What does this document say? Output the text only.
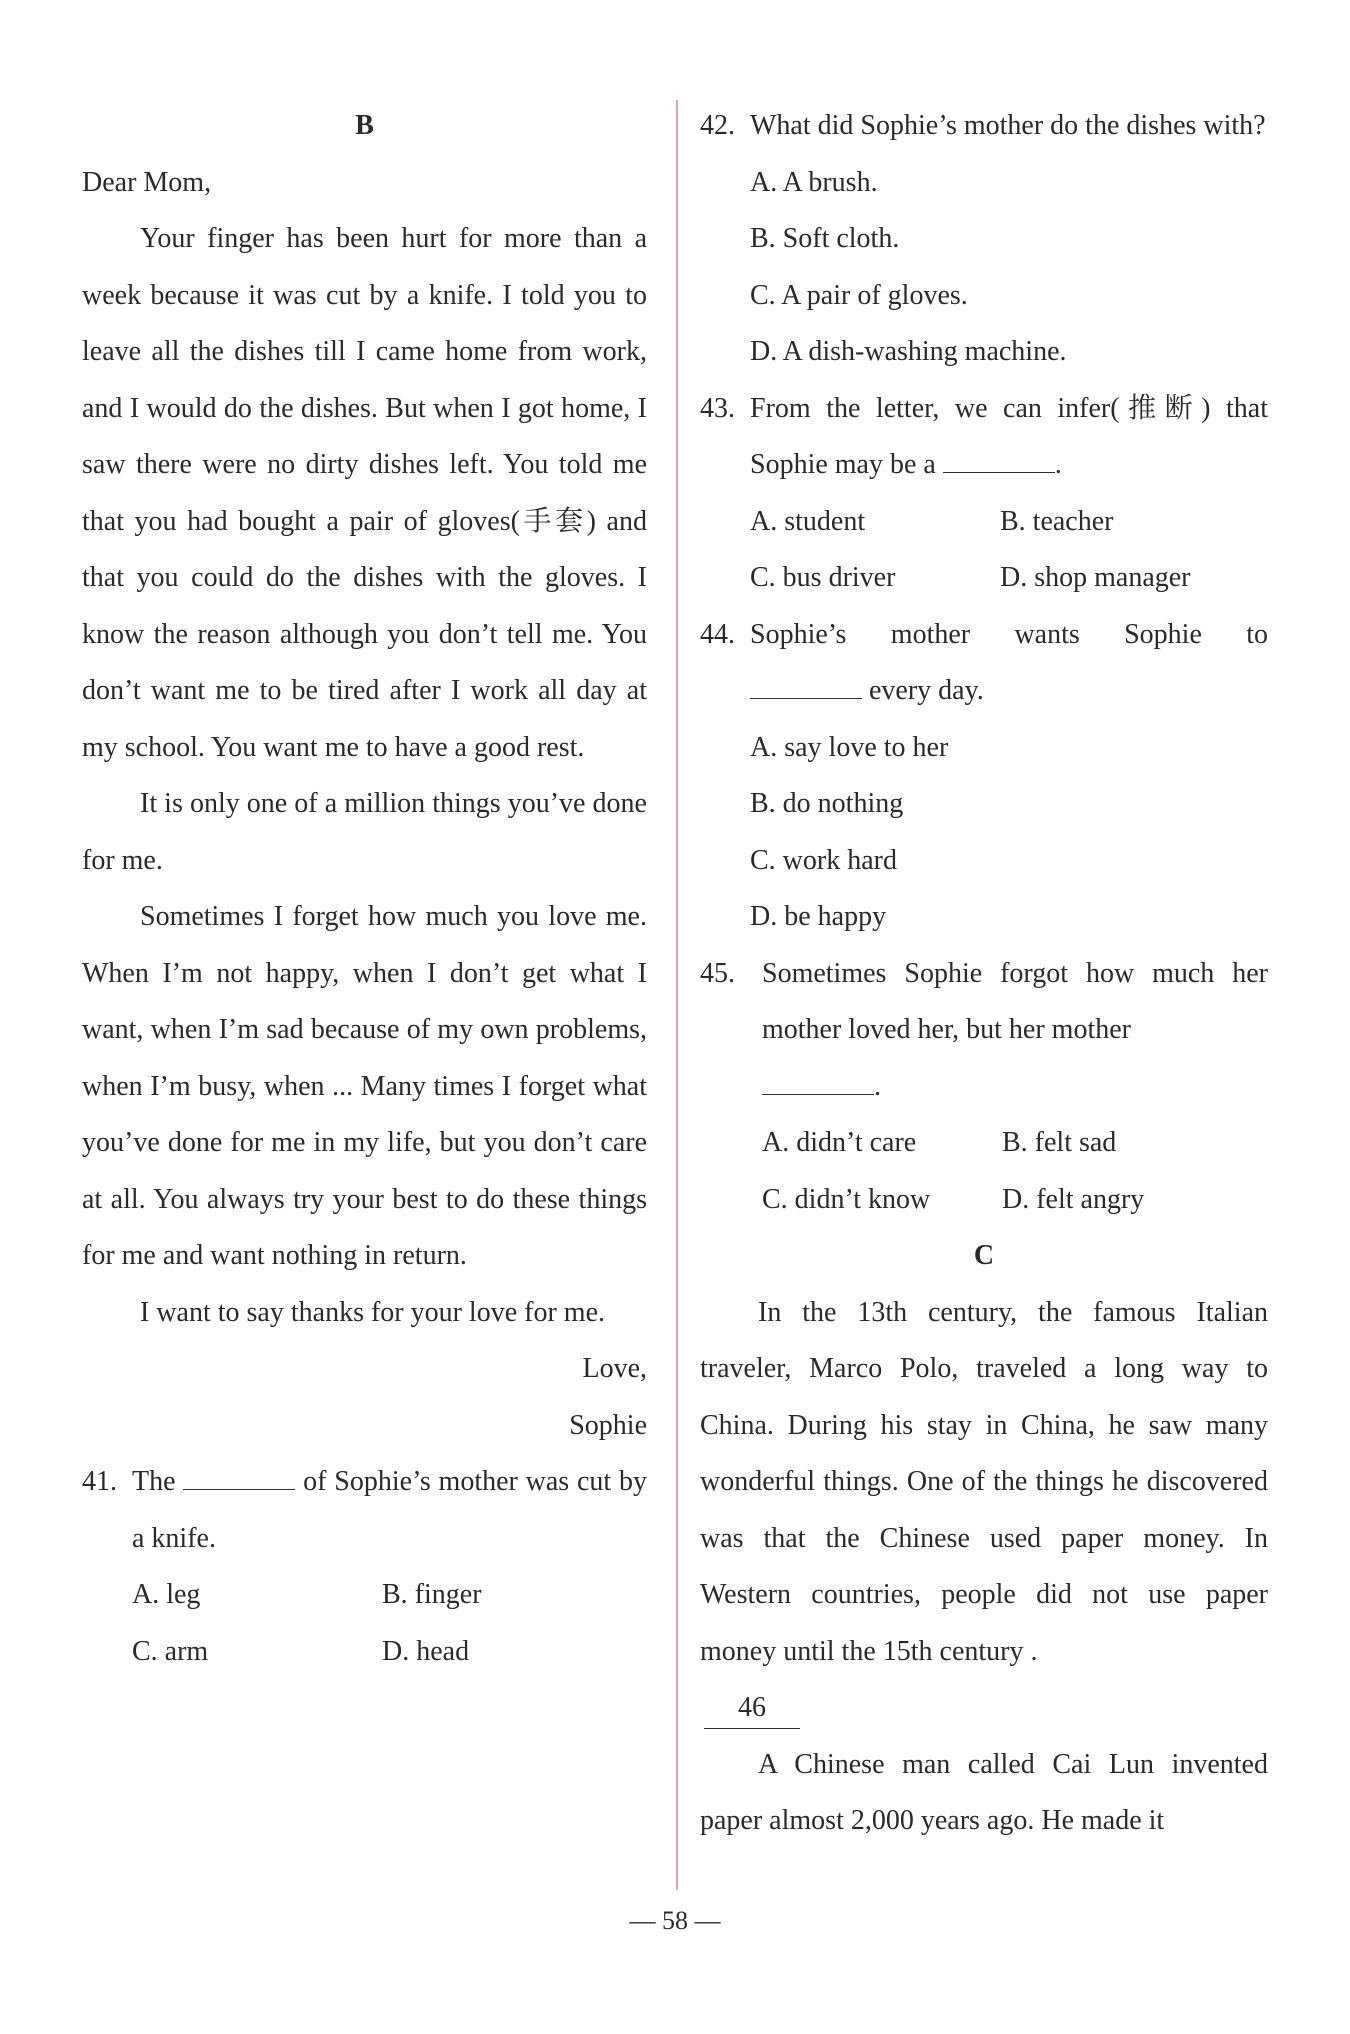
B
Dear Mom,
Your finger has been hurt for more than a week because it was cut by a knife. I told you to leave all the dishes till I came home from work, and I would do the dishes. But when I got home, I saw there were no dirty dishes left. You told me that you had bought a pair of gloves(手套) and that you could do the dishes with the gloves. I know the reason although you don’t tell me. You don’t want me to be tired after I work all day at my school. You want me to have a good rest.
It is only one of a million things you’ve done for me.
Sometimes I forget how much you love me. When I’m not happy, when I don’t get what I want, when I’m sad because of my own problems, when I’m busy, when ... Many times I forget what you’ve done for me in my life, but you don’t care at all. You always try your best to do these things for me and want nothing in return.
I want to say thanks for your love for me.
Love,
Sophie
41. The	of Sophie’s mother was cut by a knife.
A. leg	B. finger
C. arm	D. head
42. What did Sophie’s mother do the dishes with?
A. A brush.
B. Soft cloth.
C. A pair of gloves.
D. A dish-washing machine.
43. From the letter, we can infer(推断) that Sophie may be a	.
A. student	B. teacher
C. bus driver	D. shop manager
44. Sophie’s mother wants Sophie to
every day.
A. say love to her
B. do nothing
C. work hard
D. be happy
45. Sometimes Sophie forgot how much her mother loved her, but her mother
.
A. didn’t care	B. felt sad
C. didn’t know	D. felt angry
C
In the 13th century, the famous Italian traveler, Marco Polo, traveled a long way to China. During his stay in China, he saw many wonderful things. One of the things he discovered was that the Chinese used paper money. In Western countries, people did not use paper money until the 15th century .
46
A Chinese man called Cai Lun invented paper almost 2,000 years ago. He made it
— 58 —
